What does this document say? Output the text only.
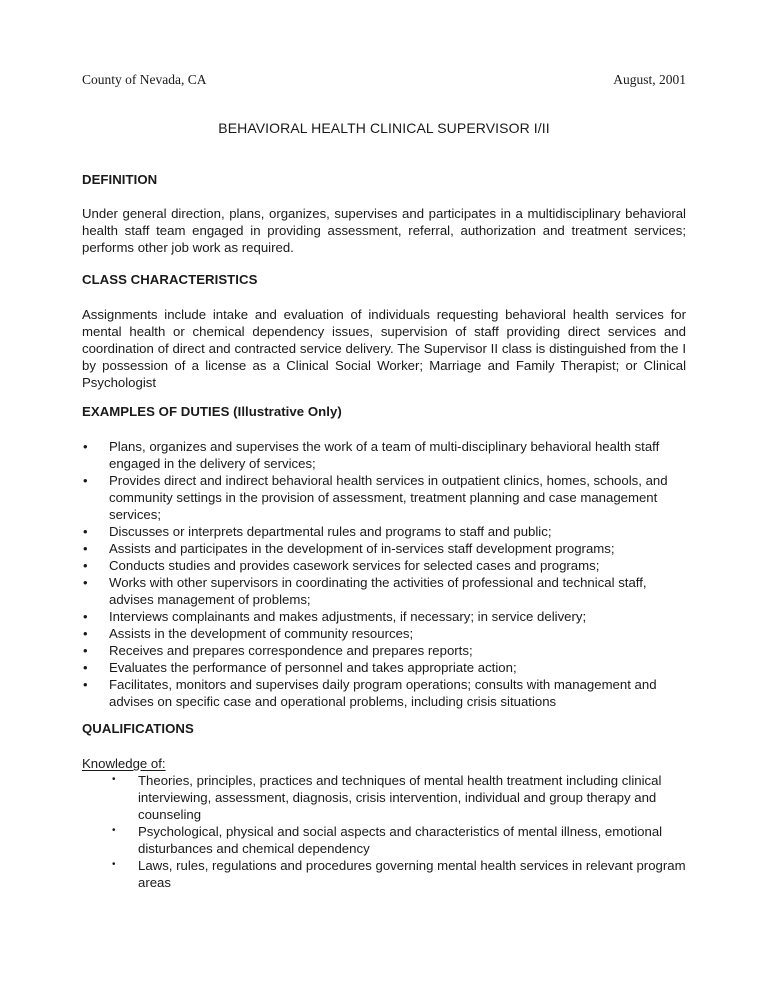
County of Nevada, CA	August, 2001
BEHAVIORAL HEALTH CLINICAL SUPERVISOR I/II
DEFINITION
Under general direction, plans, organizes, supervises and participates in a multidisciplinary behavioral health staff team engaged in providing assessment, referral, authorization and treatment services; performs other job work as required.
CLASS CHARACTERISTICS
Assignments include intake and evaluation of individuals requesting behavioral health services for mental health or chemical dependency issues, supervision of staff providing direct services and coordination of direct and contracted service delivery. The Supervisor II class is distinguished from the I by possession of a license as a Clinical Social Worker; Marriage and Family Therapist; or Clinical Psychologist
EXAMPLES OF DUTIES (Illustrative Only)
• Plans, organizes and supervises the work of a team of multi-disciplinary behavioral health staff engaged in the delivery of services;
• Provides direct and indirect behavioral health services in outpatient clinics, homes, schools, and community settings in the provision of assessment, treatment planning and case management services;
• Discusses or interprets departmental rules and programs to staff and public;
• Assists and participates in the development of in-services staff development programs;
• Conducts studies and provides casework services for selected cases and programs;
• Works with other supervisors in coordinating the activities of professional and technical staff, advises management of problems;
• Interviews complainants and makes adjustments, if necessary; in service delivery;
• Assists in the development of community resources;
• Receives and prepares correspondence and prepares reports;
• Evaluates the performance of personnel and takes appropriate action;
• Facilitates, monitors and supervises daily program operations; consults with management and advises on specific case and operational problems, including crisis situations
QUALIFICATIONS
Knowledge of:
• Theories, principles, practices and techniques of mental health treatment including clinical interviewing, assessment, diagnosis, crisis intervention, individual and group therapy and counseling
• Psychological, physical and social aspects and characteristics of mental illness, emotional disturbances and chemical dependency
• Laws, rules, regulations and procedures governing mental health services in relevant program areas
